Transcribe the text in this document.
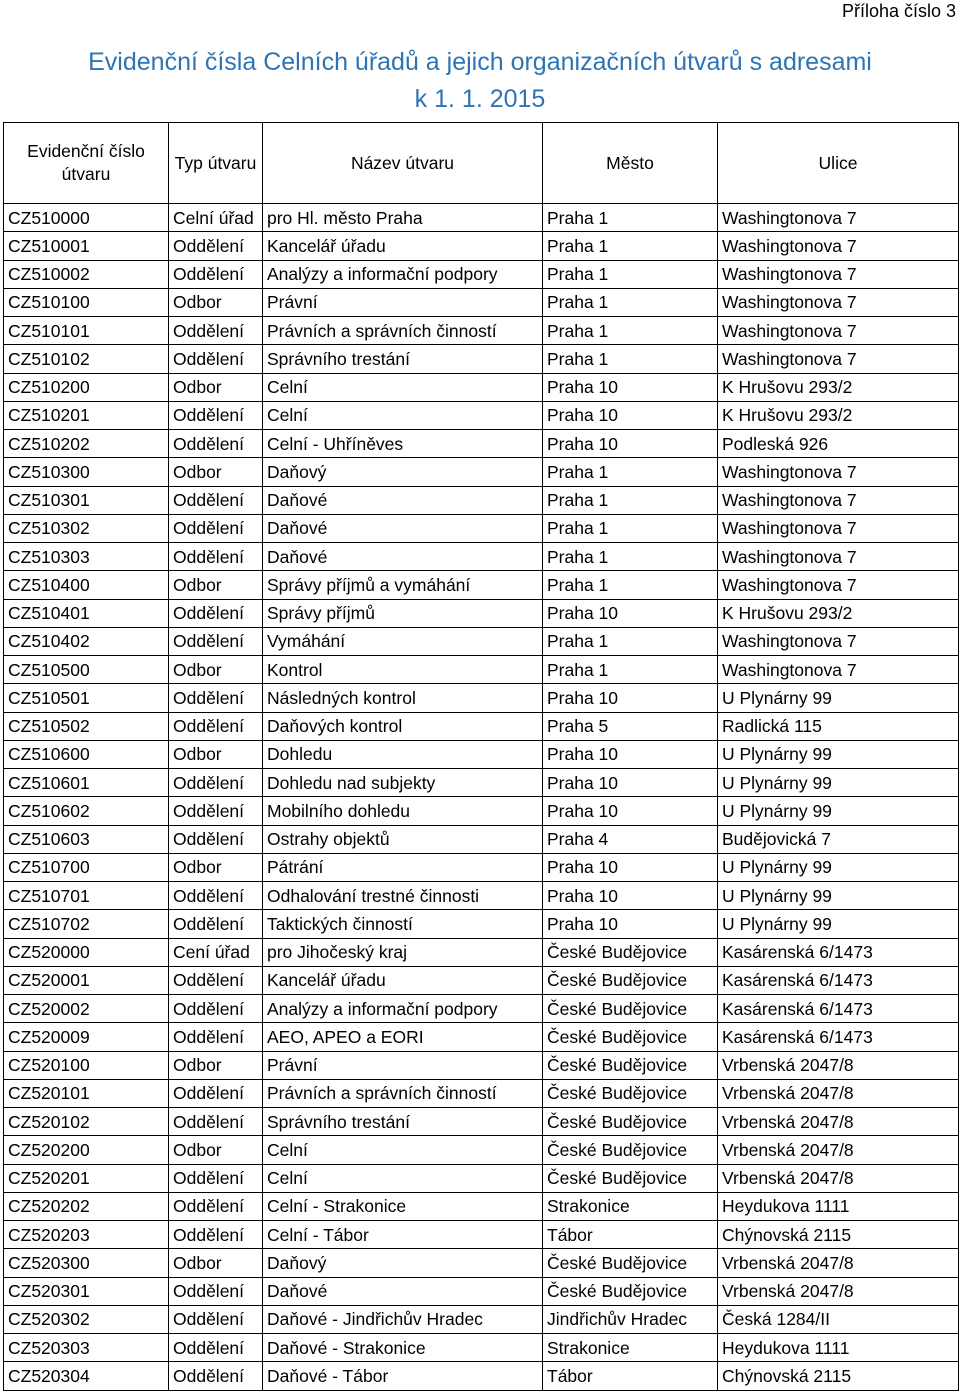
Příloha číslo 3
Evidenční čísla Celních úřadů a jejich organizačních útvarů s adresami
k 1. 1. 2015
Evidenční číslo útvaru	Typ útvaru	Název útvaru	Město	Ulice
CZ510000	Celní úřad	pro Hl. město Praha	Praha 1	Washingtonova 7
CZ510001	Oddělení	Kancelář úřadu	Praha 1	Washingtonova 7
CZ510002	Oddělení	Analýzy a informační podpory	Praha 1	Washingtonova 7
CZ510100	Odbor	Právní	Praha 1	Washingtonova 7
CZ510101	Oddělení	Právních a správních činností	Praha 1	Washingtonova 7
CZ510102	Oddělení	Správního trestání	Praha 1	Washingtonova 7
CZ510200	Odbor	Celní	Praha 10	K Hrušovu 293/2
CZ510201	Oddělení	Celní	Praha 10	K Hrušovu 293/2
CZ510202	Oddělení	Celní - Uhříněves	Praha 10	Podleská 926
CZ510300	Odbor	Daňový	Praha 1	Washingtonova 7
CZ510301	Oddělení	Daňové	Praha 1	Washingtonova 7
CZ510302	Oddělení	Daňové	Praha 1	Washingtonova 7
CZ510303	Oddělení	Daňové	Praha 1	Washingtonova 7
CZ510400	Odbor	Správy příjmů a vymáhání	Praha 1	Washingtonova 7
CZ510401	Oddělení	Správy příjmů	Praha 10	K Hrušovu 293/2
CZ510402	Oddělení	Vymáhání	Praha 1	Washingtonova 7
CZ510500	Odbor	Kontrol	Praha 1	Washingtonova 7
CZ510501	Oddělení	Následných kontrol	Praha 10	U Plynárny 99
CZ510502	Oddělení	Daňových kontrol	Praha 5	Radlická 115
CZ510600	Odbor	Dohledu	Praha 10	U Plynárny 99
CZ510601	Oddělení	Dohledu nad subjekty	Praha 10	U Plynárny 99
CZ510602	Oddělení	Mobilního dohledu	Praha 10	U Plynárny 99
CZ510603	Oddělení	Ostrahy objektů	Praha 4	Budějovická 7
CZ510700	Odbor	Pátrání	Praha 10	U Plynárny 99
CZ510701	Oddělení	Odhalování trestné činnosti	Praha 10	U Plynárny 99
CZ510702	Oddělení	Taktických činností	Praha 10	U Plynárny 99
CZ520000	Cení úřad	pro Jihočeský kraj	České Budějovice	Kasárenská 6/1473
CZ520001	Oddělení	Kancelář úřadu	České Budějovice	Kasárenská 6/1473
CZ520002	Oddělení	Analýzy a informační podpory	České Budějovice	Kasárenská 6/1473
CZ520009	Oddělení	AEO, APEO a EORI	České Budějovice	Kasárenská 6/1473
CZ520100	Odbor	Právní	České Budějovice	Vrbenská 2047/8
CZ520101	Oddělení	Právních a správních činností	České Budějovice	Vrbenská 2047/8
CZ520102	Oddělení	Správního trestání	České Budějovice	Vrbenská 2047/8
CZ520200	Odbor	Celní	České Budějovice	Vrbenská 2047/8
CZ520201	Oddělení	Celní	České Budějovice	Vrbenská 2047/8
CZ520202	Oddělení	Celní - Strakonice	Strakonice	Heydukova 1111
CZ520203	Oddělení	Celní - Tábor	Tábor	Chýnovská 2115
CZ520300	Odbor	Daňový	České Budějovice	Vrbenská 2047/8
CZ520301	Oddělení	Daňové	České Budějovice	Vrbenská 2047/8
CZ520302	Oddělení	Daňové - Jindřichův Hradec	Jindřichův Hradec	Česká 1284/II
CZ520303	Oddělení	Daňové - Strakonice	Strakonice	Heydukova 1111
CZ520304	Oddělení	Daňové - Tábor	Tábor	Chýnovská 2115
